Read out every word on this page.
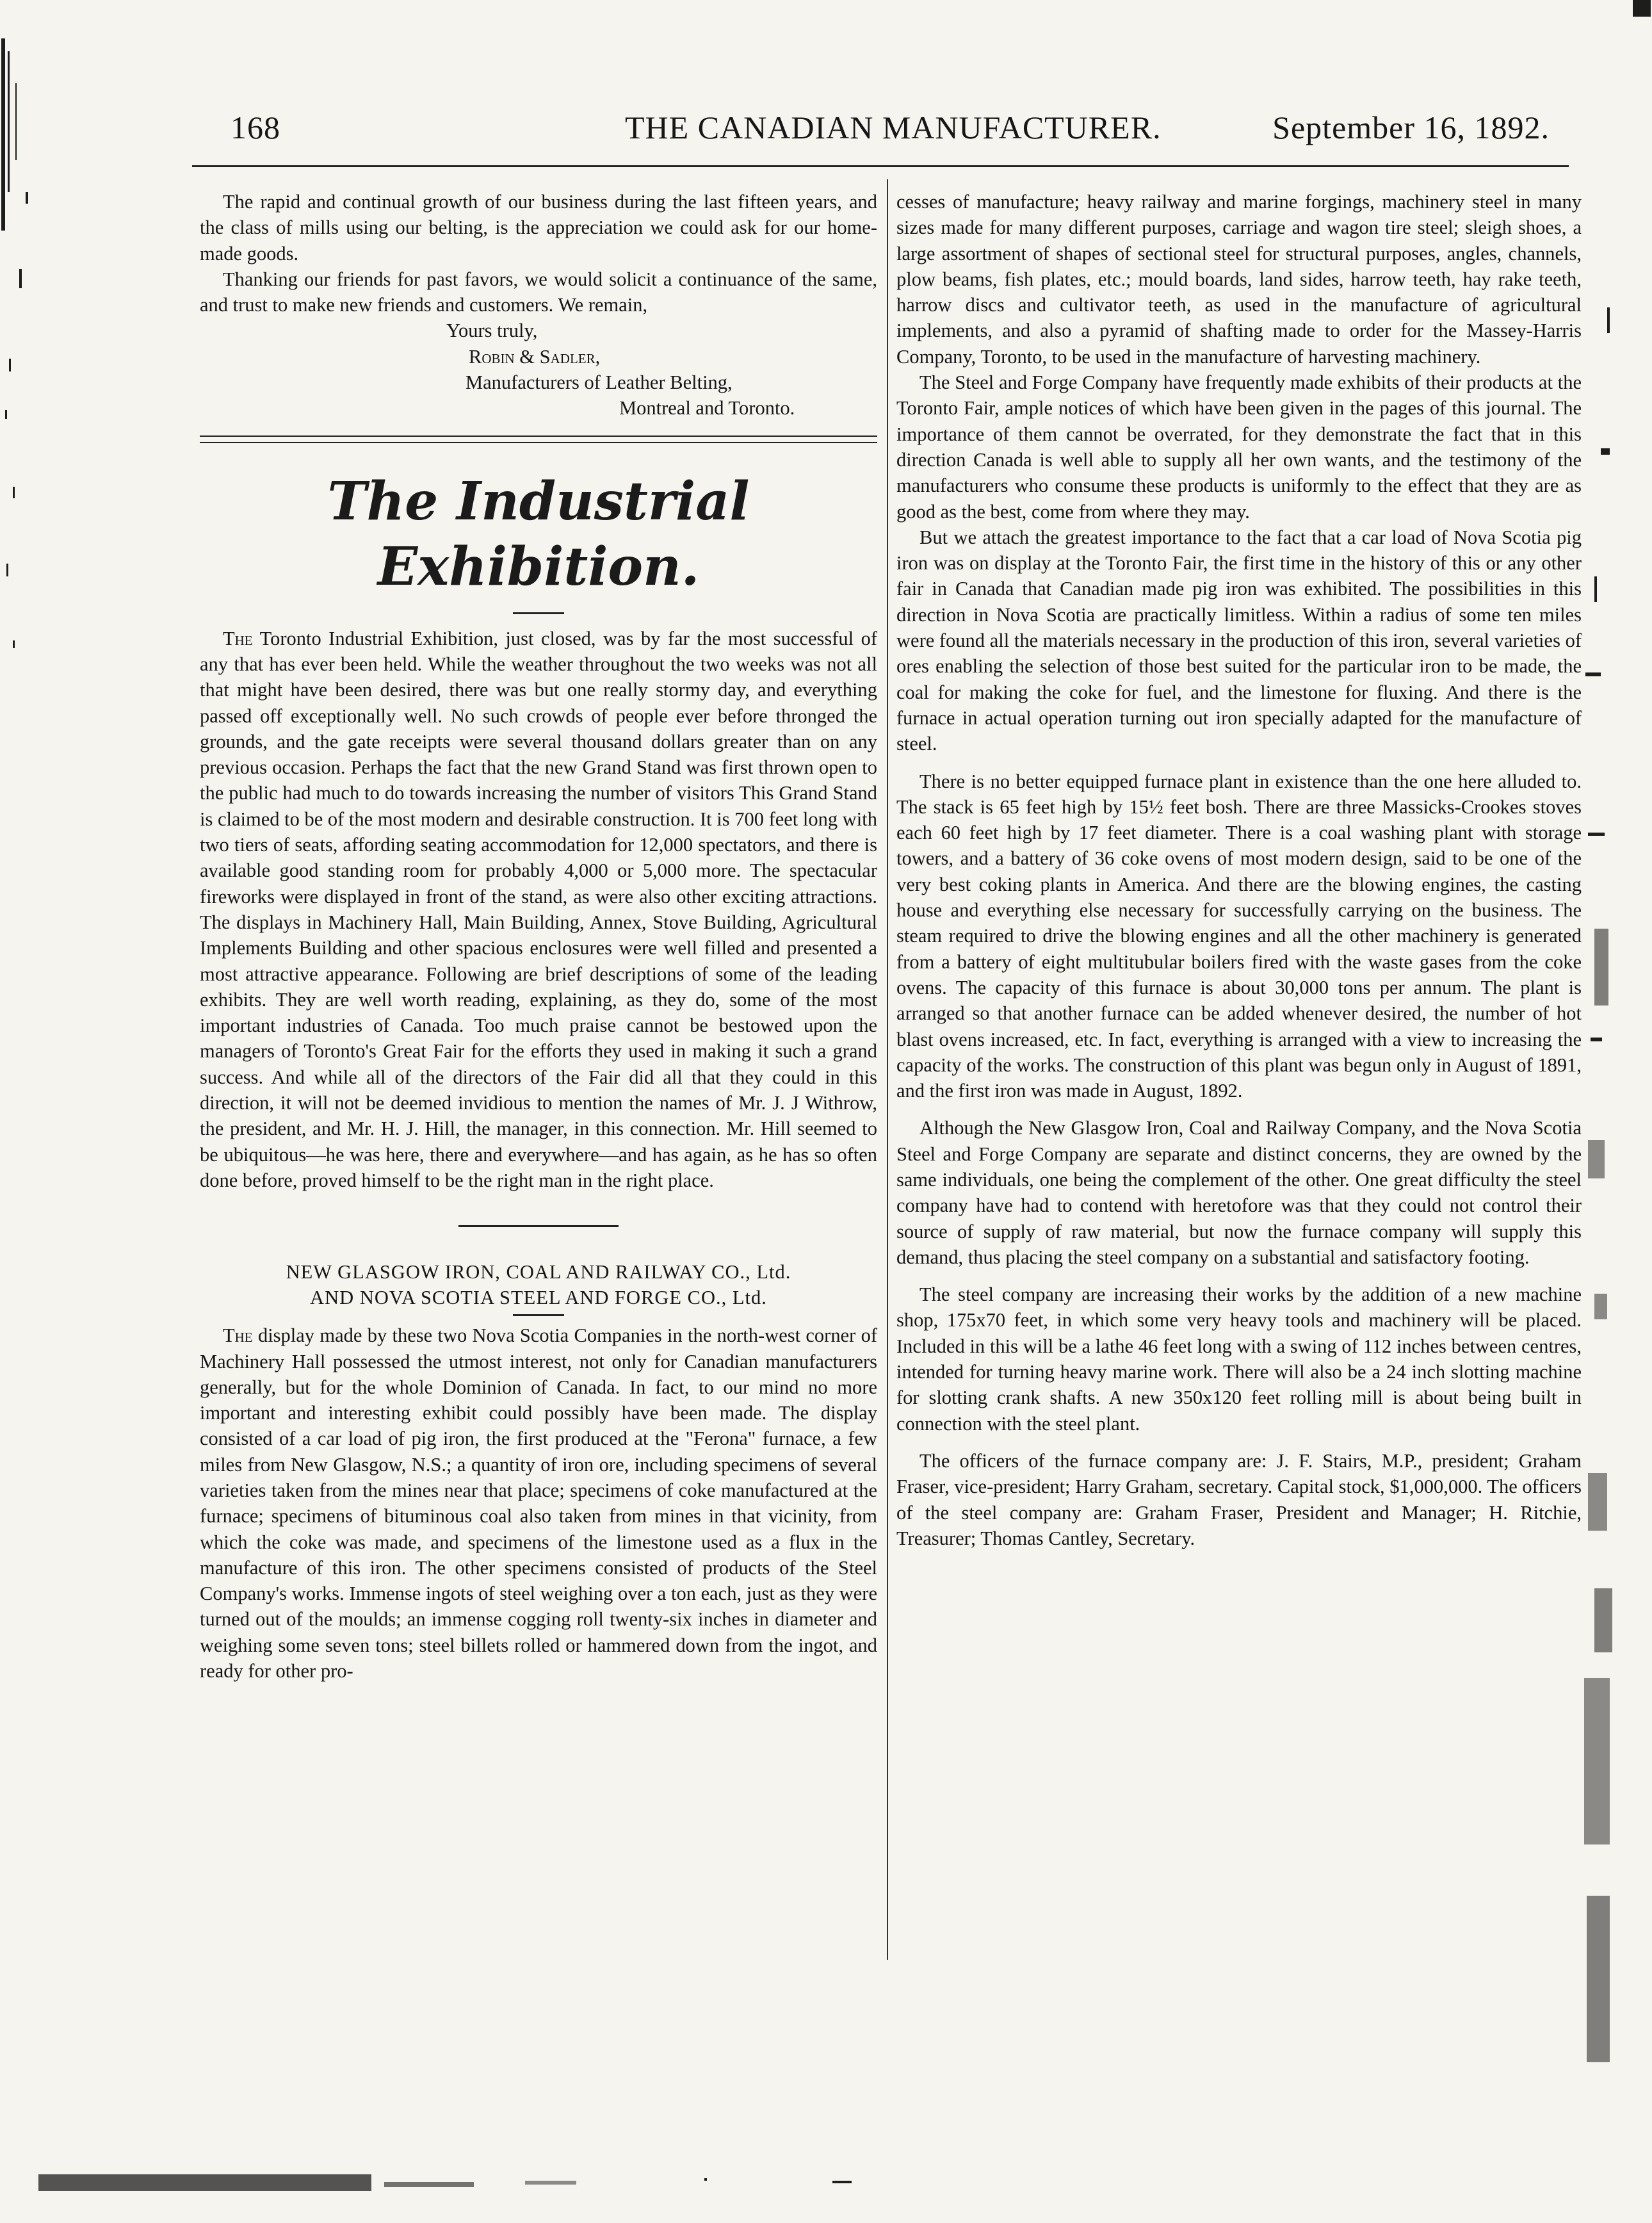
168	THE CANADIAN MANUFACTURER.	September 16, 1892.

The rapid and continual growth of our business during the last fifteen years, and the class of mills using our belting, is the appreciation we could ask for our home-made goods.

Thanking our friends for past favors, we would solicit a continuance of the same, and trust to make new friends and customers. We remain,

Yours truly,
Robin & Sadler,
Manufacturers of Leather Belting,
Montreal and Toronto.
The Industrial
Exhibition.

The Toronto Industrial Exhibition, just closed, was by far the most successful of any that has ever been held. While the weather throughout the two weeks was not all that might have been desired, there was but one really stormy day, and everything passed off exceptionally well. No such crowds of people ever before thronged the grounds, and the gate receipts were several thousand dollars greater than on any previous occasion. Perhaps the fact that the new Grand Stand was first thrown open to the public had much to do towards increasing the number of visitors This Grand Stand is claimed to be of the most modern and desirable construction. It is 700 feet long with two tiers of seats, affording seating accommodation for 12,000 spectators, and there is available good standing room for probably 4,000 or 5,000 more. The spectacular fireworks were displayed in front of the stand, as were also other exciting attractions. The displays in Machinery Hall, Main Building, Annex, Stove Building, Agricultural Implements Building and other spacious enclosures were well filled and presented a most attractive appearance. Following are brief descriptions of some of the leading exhibits. They are well worth reading, explaining, as they do, some of the most important industries of Canada. Too much praise cannot be bestowed upon the managers of Toronto's Great Fair for the efforts they used in making it such a grand success. And while all of the directors of the Fair did all that they could in this direction, it will not be deemed invidious to mention the names of Mr. J. J Withrow, the president, and Mr. H. J. Hill, the manager, in this connection. Mr. Hill seemed to be ubiquitous—he was here, there and everywhere—and has again, as he has so often done before, proved himself to be the right man in the right place.

NEW GLASGOW IRON, COAL AND RAILWAY CO., Ltd.
AND NOVA SCOTIA STEEL AND FORGE CO., Ltd.

The display made by these two Nova Scotia Companies in the north-west corner of Machinery Hall possessed the utmost interest, not only for Canadian manufacturers generally, but for the whole Dominion of Canada. In fact, to our mind no more important and interesting exhibit could possibly have been made. The display consisted of a car load of pig iron, the first produced at the "Ferona" furnace, a few miles from New Glasgow, N.S.; a quantity of iron ore, including specimens of several varieties taken from the mines near that place; specimens of coke manufactured at the furnace; specimens of bituminous coal also taken from mines in that vicinity, from which the coke was made, and specimens of the limestone used as a flux in the manufacture of this iron. The other specimens consisted of products of the Steel Company's works. Immense ingots of steel weighing over a ton each, just as they were turned out of the moulds; an immense cogging roll twenty-six inches in diameter and weighing some seven tons; steel billets rolled or hammered down from the ingot, and ready for other pro-

cesses of manufacture; heavy railway and marine forgings, machinery steel in many sizes made for many different purposes, carriage and wagon tire steel; sleigh shoes, a large assortment of shapes of sectional steel for structural purposes, angles, channels, plow beams, fish plates, etc.; mould boards, land sides, harrow teeth, hay rake teeth, harrow discs and cultivator teeth, as used in the manufacture of agricultural implements, and also a pyramid of shafting made to order for the Massey-Harris Company, Toronto, to be used in the manufacture of harvesting machinery.

The Steel and Forge Company have frequently made exhibits of their products at the Toronto Fair, ample notices of which have been given in the pages of this journal. The importance of them cannot be overrated, for they demonstrate the fact that in this direction Canada is well able to supply all her own wants, and the testimony of the manufacturers who consume these products is uniformly to the effect that they are as good as the best, come from where they may.

But we attach the greatest importance to the fact that a car load of Nova Scotia pig iron was on display at the Toronto Fair, the first time in the history of this or any other fair in Canada that Canadian made pig iron was exhibited. The possibilities in this direction in Nova Scotia are practically limitless. Within a radius of some ten miles were found all the materials necessary in the production of this iron, several varieties of ores enabling the selection of those best suited for the particular iron to be made, the coal for making the coke for fuel, and the limestone for fluxing. And there is the furnace in actual operation turning out iron specially adapted for the manufacture of steel.

There is no better equipped furnace plant in existence than the one here alluded to. The stack is 65 feet high by 15½ feet bosh. There are three Massicks-Crookes stoves each 60 feet high by 17 feet diameter. There is a coal washing plant with storage towers, and a battery of 36 coke ovens of most modern design, said to be one of the very best coking plants in America. And there are the blowing engines, the casting house and everything else necessary for successfully carrying on the business. The steam required to drive the blowing engines and all the other machinery is generated from a battery of eight multitubular boilers fired with the waste gases from the coke ovens. The capacity of this furnace is about 30,000 tons per annum. The plant is arranged so that another furnace can be added whenever desired, the number of hot blast ovens increased, etc. In fact, everything is arranged with a view to increasing the capacity of the works. The construction of this plant was begun only in August of 1891, and the first iron was made in August, 1892.

Although the New Glasgow Iron, Coal and Railway Company, and the Nova Scotia Steel and Forge Company are separate and distinct concerns, they are owned by the same individuals, one being the complement of the other. One great difficulty the steel company have had to contend with heretofore was that they could not control their source of supply of raw material, but now the furnace company will supply this demand, thus placing the steel company on a substantial and satisfactory footing.

The steel company are increasing their works by the addition of a new machine shop, 175x70 feet, in which some very heavy tools and machinery will be placed. Included in this will be a lathe 46 feet long with a swing of 112 inches between centres, intended for turning heavy marine work. There will also be a 24 inch slotting machine for slotting crank shafts. A new 350x120 feet rolling mill is about being built in connection with the steel plant.

The officers of the furnace company are: J. F. Stairs, M.P., president; Graham Fraser, vice-president; Harry Graham, secretary. Capital stock, $1,000,000. The officers of the steel company are: Graham Fraser, President and Manager; H. Ritchie, Treasurer; Thomas Cantley, Secretary.
